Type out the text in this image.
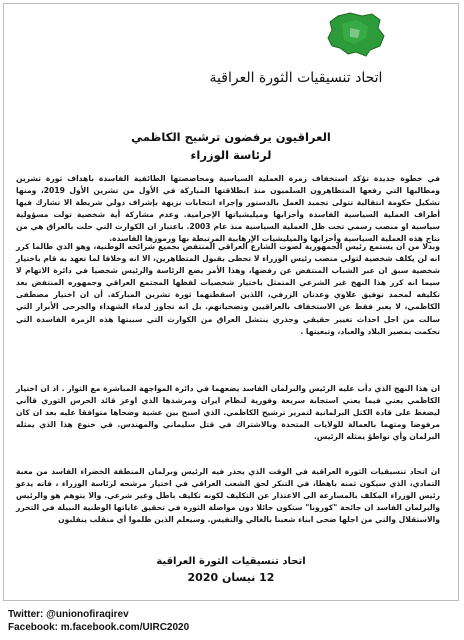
اتحاد تنسيقيات الثورة العراقية
العراقيون يرفضون ترشيح الكاظمي
لرئاسة الوزراء
في خطوة جديدة تؤكد استخفاف زمرة العملية السياسية ومحاصصتها الطائفية الفاسدة باهداف ثورة تشرين ومطالبها التي رفعها المتظاهرون السلميون منذ انطلاقتها المباركة في الأول من تشرين الأول 2019، ومنها تشكيل حكومة انتقالية تتولى تجميد العمل بالدستور وإجراء انتخابات نزيهة بإشراف دولي شريطة الا تشارك فيها أطراف العملية السياسية الفاسدة وأحزابها وميليشياتها الإجرامية. وعدم مشاركة أية شخصية تولت مسؤولية سياسية او منصب رسمي تحت ظل العملية السياسية منذ عام 2003. باعتبار ان الكوارث التي حلت بالعراق هي من نتاج هذه العملية السياسية وأحزابها والميليشيات الإرهابية المرتبطة بها ورموزها الفاسدة.
وبدلا من ان يستمع رئيس الجمهورية لصوت الشارع العراقي المنتفض بجميع شرائحه الوطنية، وهو الذي طالما كرر انه لن يكلف شخصية لتولي منصب رئيس الوزراء لا تحظى بقبول المتظاهرين، الا انه وخلافا لما تعهد به قام باختيار شخصية سبق ان عبر الشباب المنتفض عن رفضها، وهذا الأمر يضع الرئاسة والرئيس شخصيا في دائرة الاتهام لا سيما انه كرر هذا النهج غير الشرعي المتمثل باختيار شخصيات لفظها المجتمع العراقي وجمهوره المنتفض بعد تكليفه لمحمد توفيق علاوي وعدنان الزرفي، اللذين اسقطتهما ثورة تشرين المباركة. أن ان اختيار مصطفى الكاظمي، لا يعبر فقط عن الاستخفاف بالعراقيين وتضحياتهم. بل انه تجاوز لدماء الشهداء والجرحى الأبرار التي سالت من اجل احداث تغيير حقيقي وجذري ينتشل العراق من الكوارث التي سببتها هذه الزمرة الفاسدة التي تحكمت بمصير البلاد والعباد، وتبعيتها .
ان هذا النهج الذي دأب عليه الرئيس والبرلمان الفاسد يضعهما في دائرة المواجهة المباشرة مع الثوار . اذ ان اختيار الكاظمي يعني فيما يعني استجابة سريعة وفورية لنظام ايران ومرشدها الذي اوعز قائد الحرس الثوري قاآني ليضغط على قادة الكتل البرلمانية لتمرير ترشيح الكاظمي. الذي اسبح بين عشية وضحاها متوافقا عليه بعد ان كان مرفوضا ومتهما بالعمالة للولايات المتحدة وبالاشتراك في قتل سليماني والمهندس. في خنوع هذا الذي يمثله البرلمان وأي تواطؤ يمثله الرئيس.
ان اتحاد تنسيقيات الثورة العراقية في الوقت الذي يحذر فيه الرئيس وبرلمان المنطقة الخضراء الفاسد من مغبة التمادي، الذي سيكون ثمنه باهظا، في التنكر لحق الشعب العراقي في اختيار مرشحه لرئاسة الوزراء ، فانه يدعو رئيس الوزراء المكلف بالمسارعة الى الاعتذار عن التكليف لكونه تكليف باطل وغير شرعي. والا يتوهم هو والرئيس والبرلمان الفاسد ان جائحة "كورونا" ستكون حائلا دون مواصلة الثورة في تحقيق غاياتها الوطنية النبيلة في التحرر والاستقلال والتي من اجلها ضحى ابناء شعبنا بالغالي والنفيس. وسيعلم الذين ظلموا أي منقلب ينقلبون
اتحاد تنسيقيات الثورة العراقية
12 نيسان 2020
Twitter: @unionofiraqirev
Facebook: m.facebook.com/UIRC2020
